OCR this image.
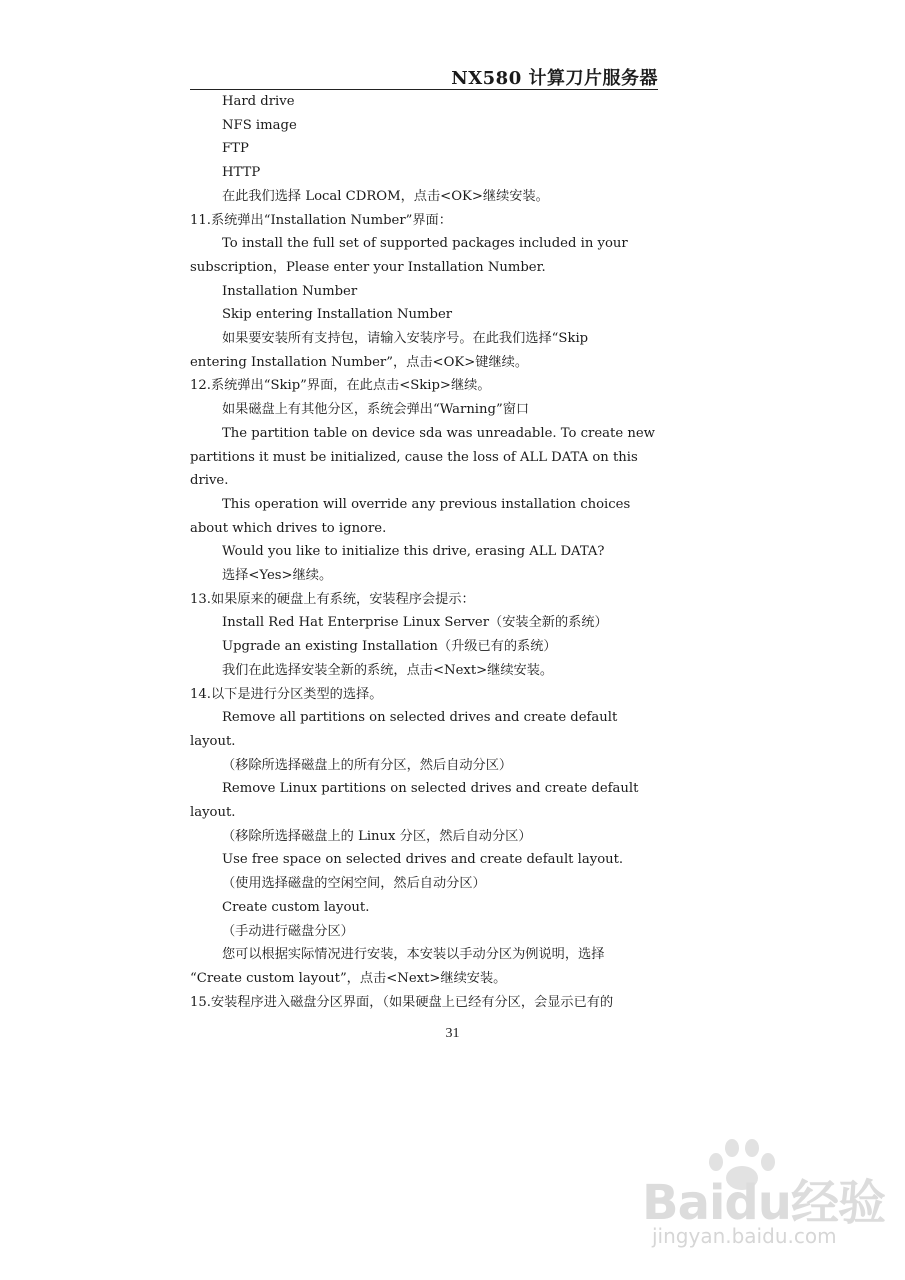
NX580 计算刀片服务器
Hard drive
NFS image
FTP
HTTP
在此我们选择 Local CDROM，点击<OK>继续安装。
11.系统弹出“Installation Number”界面：
To install the full set of supported packages included in your
subscription，Please enter your Installation Number.
Installation Number
Skip entering Installation Number
如果要安装所有支持包，请输入安装序号。在此我们选择“Skip
entering Installation Number”，点击<OK>键继续。
12.系统弹出“Skip”界面，在此点击<Skip>继续。
如果磁盘上有其他分区，系统会弹出“Warning”窗口
The partition table on device sda was unreadable. To create new
partitions it must be initialized, cause the loss of ALL DATA on this
drive.
This operation will override any previous installation choices
about which drives to ignore.
Would you like to initialize this drive, erasing ALL DATA?
选择<Yes>继续。
13.如果原来的硬盘上有系统，安装程序会提示：
Install Red Hat Enterprise Linux Server（安装全新的系统）
Upgrade an existing Installation（升级已有的系统）
我们在此选择安装全新的系统，点击<Next>继续安装。
14.以下是进行分区类型的选择。
Remove all partitions on selected drives and create default
layout.
（移除所选择磁盘上的所有分区，然后自动分区）
Remove Linux partitions on selected drives and create default
layout.
（移除所选择磁盘上的 Linux 分区，然后自动分区）
Use free space on selected drives and create default layout.
（使用选择磁盘的空闲空间，然后自动分区）
Create custom layout.
（手动进行磁盘分区）
您可以根据实际情况进行安装，本安装以手动分区为例说明，选择
“Create custom layout”，点击<Next>继续安装。
15.安装程序进入磁盘分区界面，（如果硬盘上已经有分区，会显示已有的
31
Baidu经验
jingyan.baidu.com
